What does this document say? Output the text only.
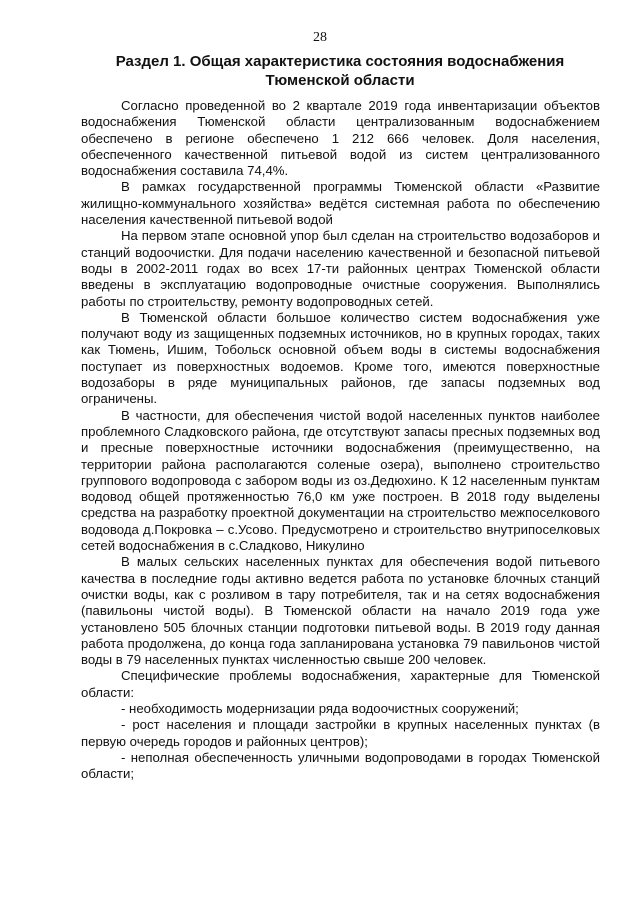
28
Раздел 1. Общая характеристика состояния водоснабжения Тюменской области

Согласно проведенной во 2 квартале 2019 года инвентаризации объектов водоснабжения Тюменской области централизованным водоснабжением обеспечено в регионе обеспечено 1 212 666 человек. Доля населения, обеспеченного качественной питьевой водой из систем централизованного водоснабжения составила 74,4%.

В рамках государственной программы Тюменской области «Развитие жилищно-коммунального хозяйства» ведётся системная работа по обеспечению населения качественной питьевой водой

На первом этапе основной упор был сделан на строительство водозаборов и станций водоочистки. Для подачи населению качественной и безопасной питьевой воды в 2002-2011 годах во всех 17-ти районных центрах Тюменской области введены в эксплуатацию водопроводные очистные сооружения. Выполнялись работы по строительству, ремонту водопроводных сетей.

В Тюменской области большое количество систем водоснабжения уже получают воду из защищенных подземных источников, но в крупных городах, таких как Тюмень, Ишим, Тобольск основной объем воды в системы водоснабжения поступает из поверхностных водоемов. Кроме того, имеются поверхностные водозаборы в ряде муниципальных районов, где запасы подземных вод ограничены.

В частности, для обеспечения чистой водой населенных пунктов наиболее проблемного Сладковского района, где отсутствуют запасы пресных подземных вод и пресные поверхностные источники водоснабжения (преимущественно, на территории района располагаются соленые озера), выполнено строительство группового водопровода с забором воды из оз.Дедюхино. К 12 населенным пунктам водовод общей протяженностью 76,0 км уже построен. В 2018 году выделены средства на разработку проектной документации на строительство межпоселкового водовода д.Покровка – с.Усово. Предусмотрено и строительство внутрипоселковых сетей водоснабжения в с.Сладково, Никулино

В малых сельских населенных пунктах для обеспечения водой питьевого качества в последние годы активно ведется работа по установке блочных станций очистки воды, как с розливом в тару потребителя, так и на сетях водоснабжения (павильоны чистой воды). В Тюменской области на начало 2019 года уже установлено 505 блочных станции подготовки питьевой воды. В 2019 году данная работа продолжена, до конца года запланирована установка 79 павильонов чистой воды в 79 населенных пунктах численностью свыше 200 человек.

Специфические проблемы водоснабжения, характерные для Тюменской области:

- необходимость модернизации ряда водоочистных сооружений;

- рост населения и площади застройки в крупных населенных пунктах (в первую очередь городов и районных центров);

- неполная обеспеченность уличными водопроводами в городах Тюменской области;
